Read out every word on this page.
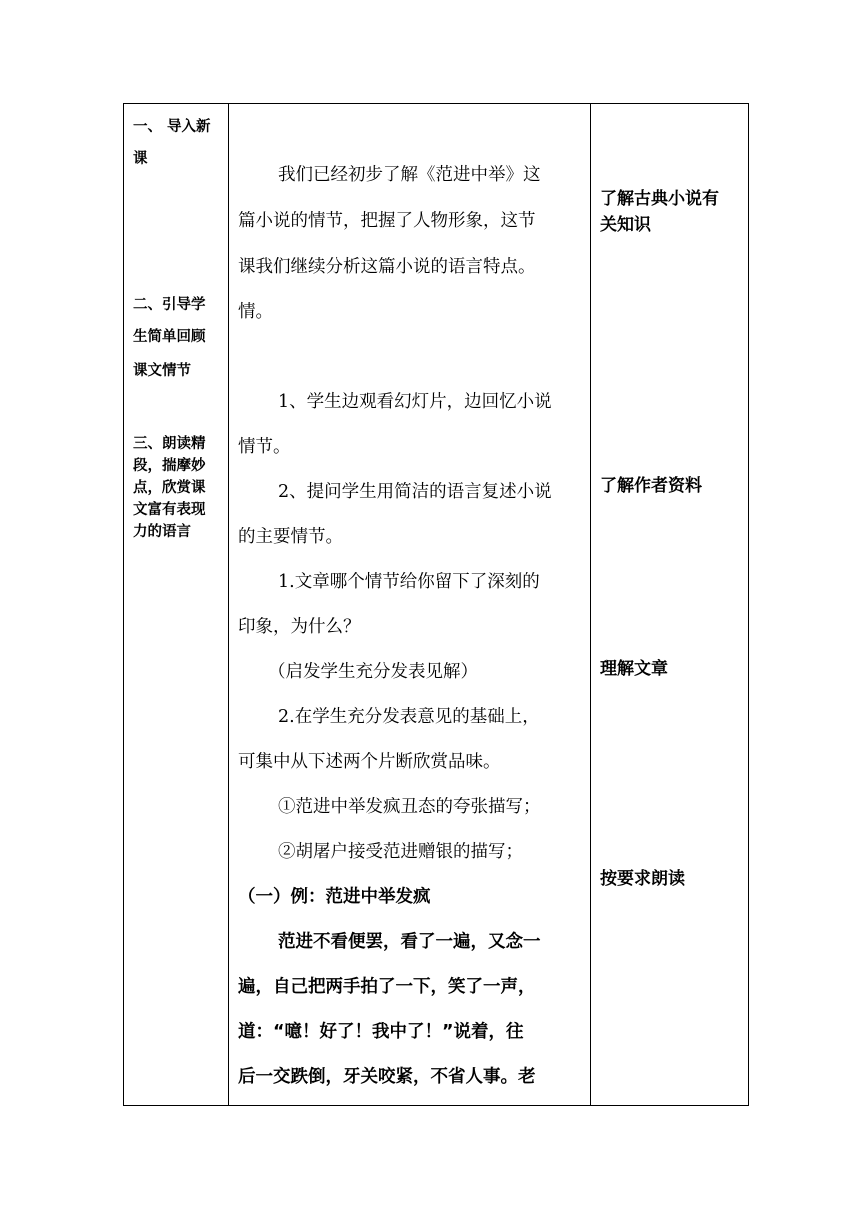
一、 导入新
课
二、引导学
生简单回顾
课文情节
三、朗读精
段，揣摩妙
点，欣赏课
文富有表现
力的语言
我们已经初步了解《范进中举》这
篇小说的情节，把握了人物形象，这节
课我们继续分析这篇小说的语言特点。
情。
1、学生边观看幻灯片，边回忆小说
情节。
2、提问学生用简洁的语言复述小说
的主要情节。
1.文章哪个情节给你留下了深刻的
印象，为什么？
（启发学生充分发表见解）
2.在学生充分发表意见的基础上，
可集中从下述两个片断欣赏品味。
①范进中举发疯丑态的夸张描写；
②胡屠户接受范进赠银的描写；
（一）例：范进中举发疯
范进不看便罢，看了一遍，又念一
遍，自己把两手拍了一下，笑了一声，
道：“噫！好了！我中了！”说着，往
后一交跌倒，牙关咬紧，不省人事。老
了解古典小说有
关知识
了解作者资料
理解文章
按要求朗读
